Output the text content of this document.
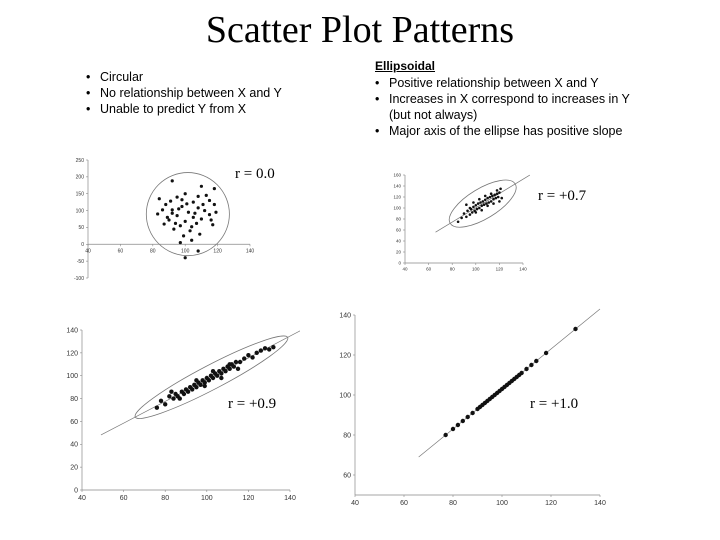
Scatter Plot Patterns
• Circular
• No relationship between X and Y
• Unable to predict Y from X
Ellipsoidal
• Positive relationship between X and Y
• Increases in X correspond to increases in Y (but not always)
• Major axis of the ellipse has positive slope
40	60	80	100	120	140
-100
-50
0
50
100
150
200
250
40	60	80	100	120	140
0
20
40
60
80
100
120
140
160
40	60	80	100	120	140
0
20
40
60
80
100
120
140
40	60	80	100	120	140
60
80
100
120
140
r = 0.0
r = +0.7
r = +0.9	r = +1.0
